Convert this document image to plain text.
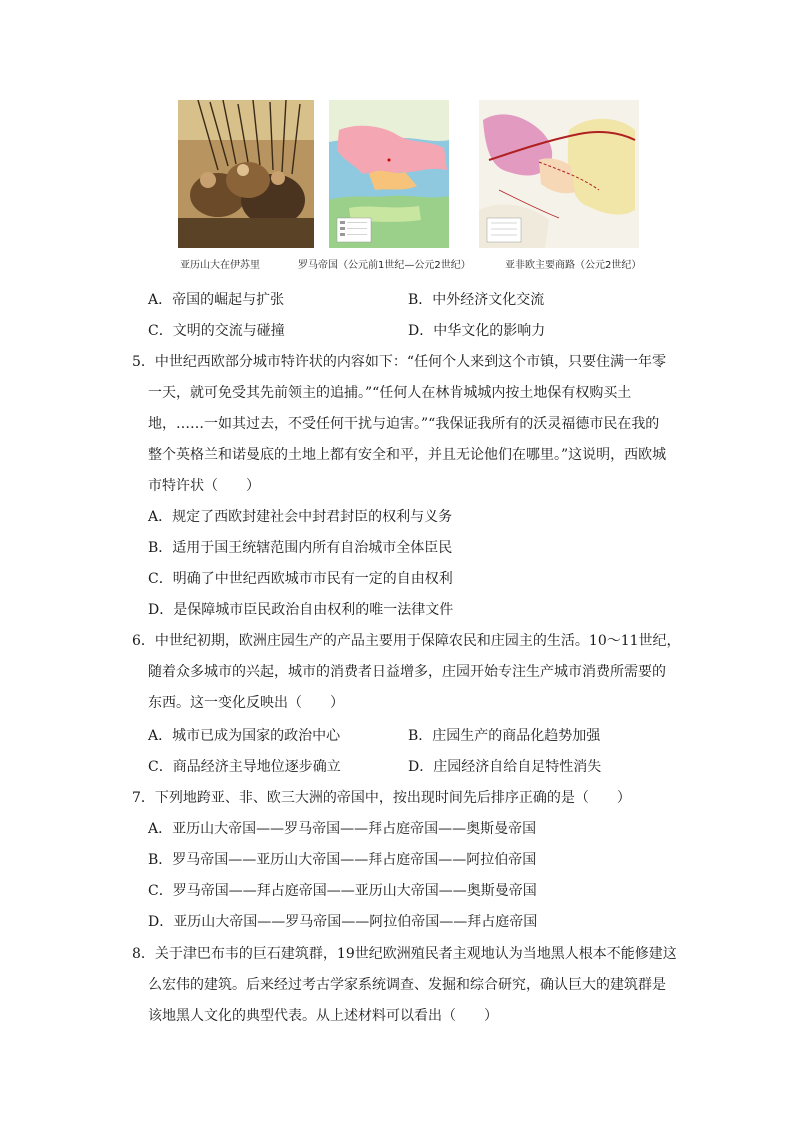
亚历山大在伊苏里	罗马帝国（公元前1世纪—公元2世纪）	亚非欧主要商路（公元2世纪）
A．帝国的崛起与扩张	B．中外经济文化交流
C．文明的交流与碰撞	D．中华文化的影响力
5．中世纪西欧部分城市特许状的内容如下：“任何个人来到这个市镇，只要住满一年零
一天，就可免受其先前领主的追捕。”“任何人在林肯城城内按土地保有权购买土
地，……一如其过去，不受任何干扰与迫害。”“我保证我所有的沃灵福德市民在我的
整个英格兰和诺曼底的土地上都有安全和平，并且无论他们在哪里。”这说明，西欧城
市特许状（　　）
A．规定了西欧封建社会中封君封臣的权利与义务
B．适用于国王统辖范围内所有自治城市全体臣民
C．明确了中世纪西欧城市市民有一定的自由权利
D．是保障城市臣民政治自由权利的唯一法律文件
6．中世纪初期，欧洲庄园生产的产品主要用于保障农民和庄园主的生活。10～11世纪，
随着众多城市的兴起，城市的消费者日益增多，庄园开始专注生产城市消费所需要的
东西。这一变化反映出（　　）
A．城市已成为国家的政治中心	B．庄园生产的商品化趋势加强
C．商品经济主导地位逐步确立	D．庄园经济自给自足特性消失
7．下列地跨亚、非、欧三大洲的帝国中，按出现时间先后排序正确的是（　　）
A．亚历山大帝国——罗马帝国——拜占庭帝国——奥斯曼帝国
B．罗马帝国——亚历山大帝国——拜占庭帝国——阿拉伯帝国
C．罗马帝国——拜占庭帝国——亚历山大帝国——奥斯曼帝国
D．亚历山大帝国——罗马帝国——阿拉伯帝国——拜占庭帝国
8．关于津巴布韦的巨石建筑群，19世纪欧洲殖民者主观地认为当地黑人根本不能修建这
么宏伟的建筑。后来经过考古学家系统调查、发掘和综合研究，确认巨大的建筑群是
该地黑人文化的典型代表。从上述材料可以看出（　　）
